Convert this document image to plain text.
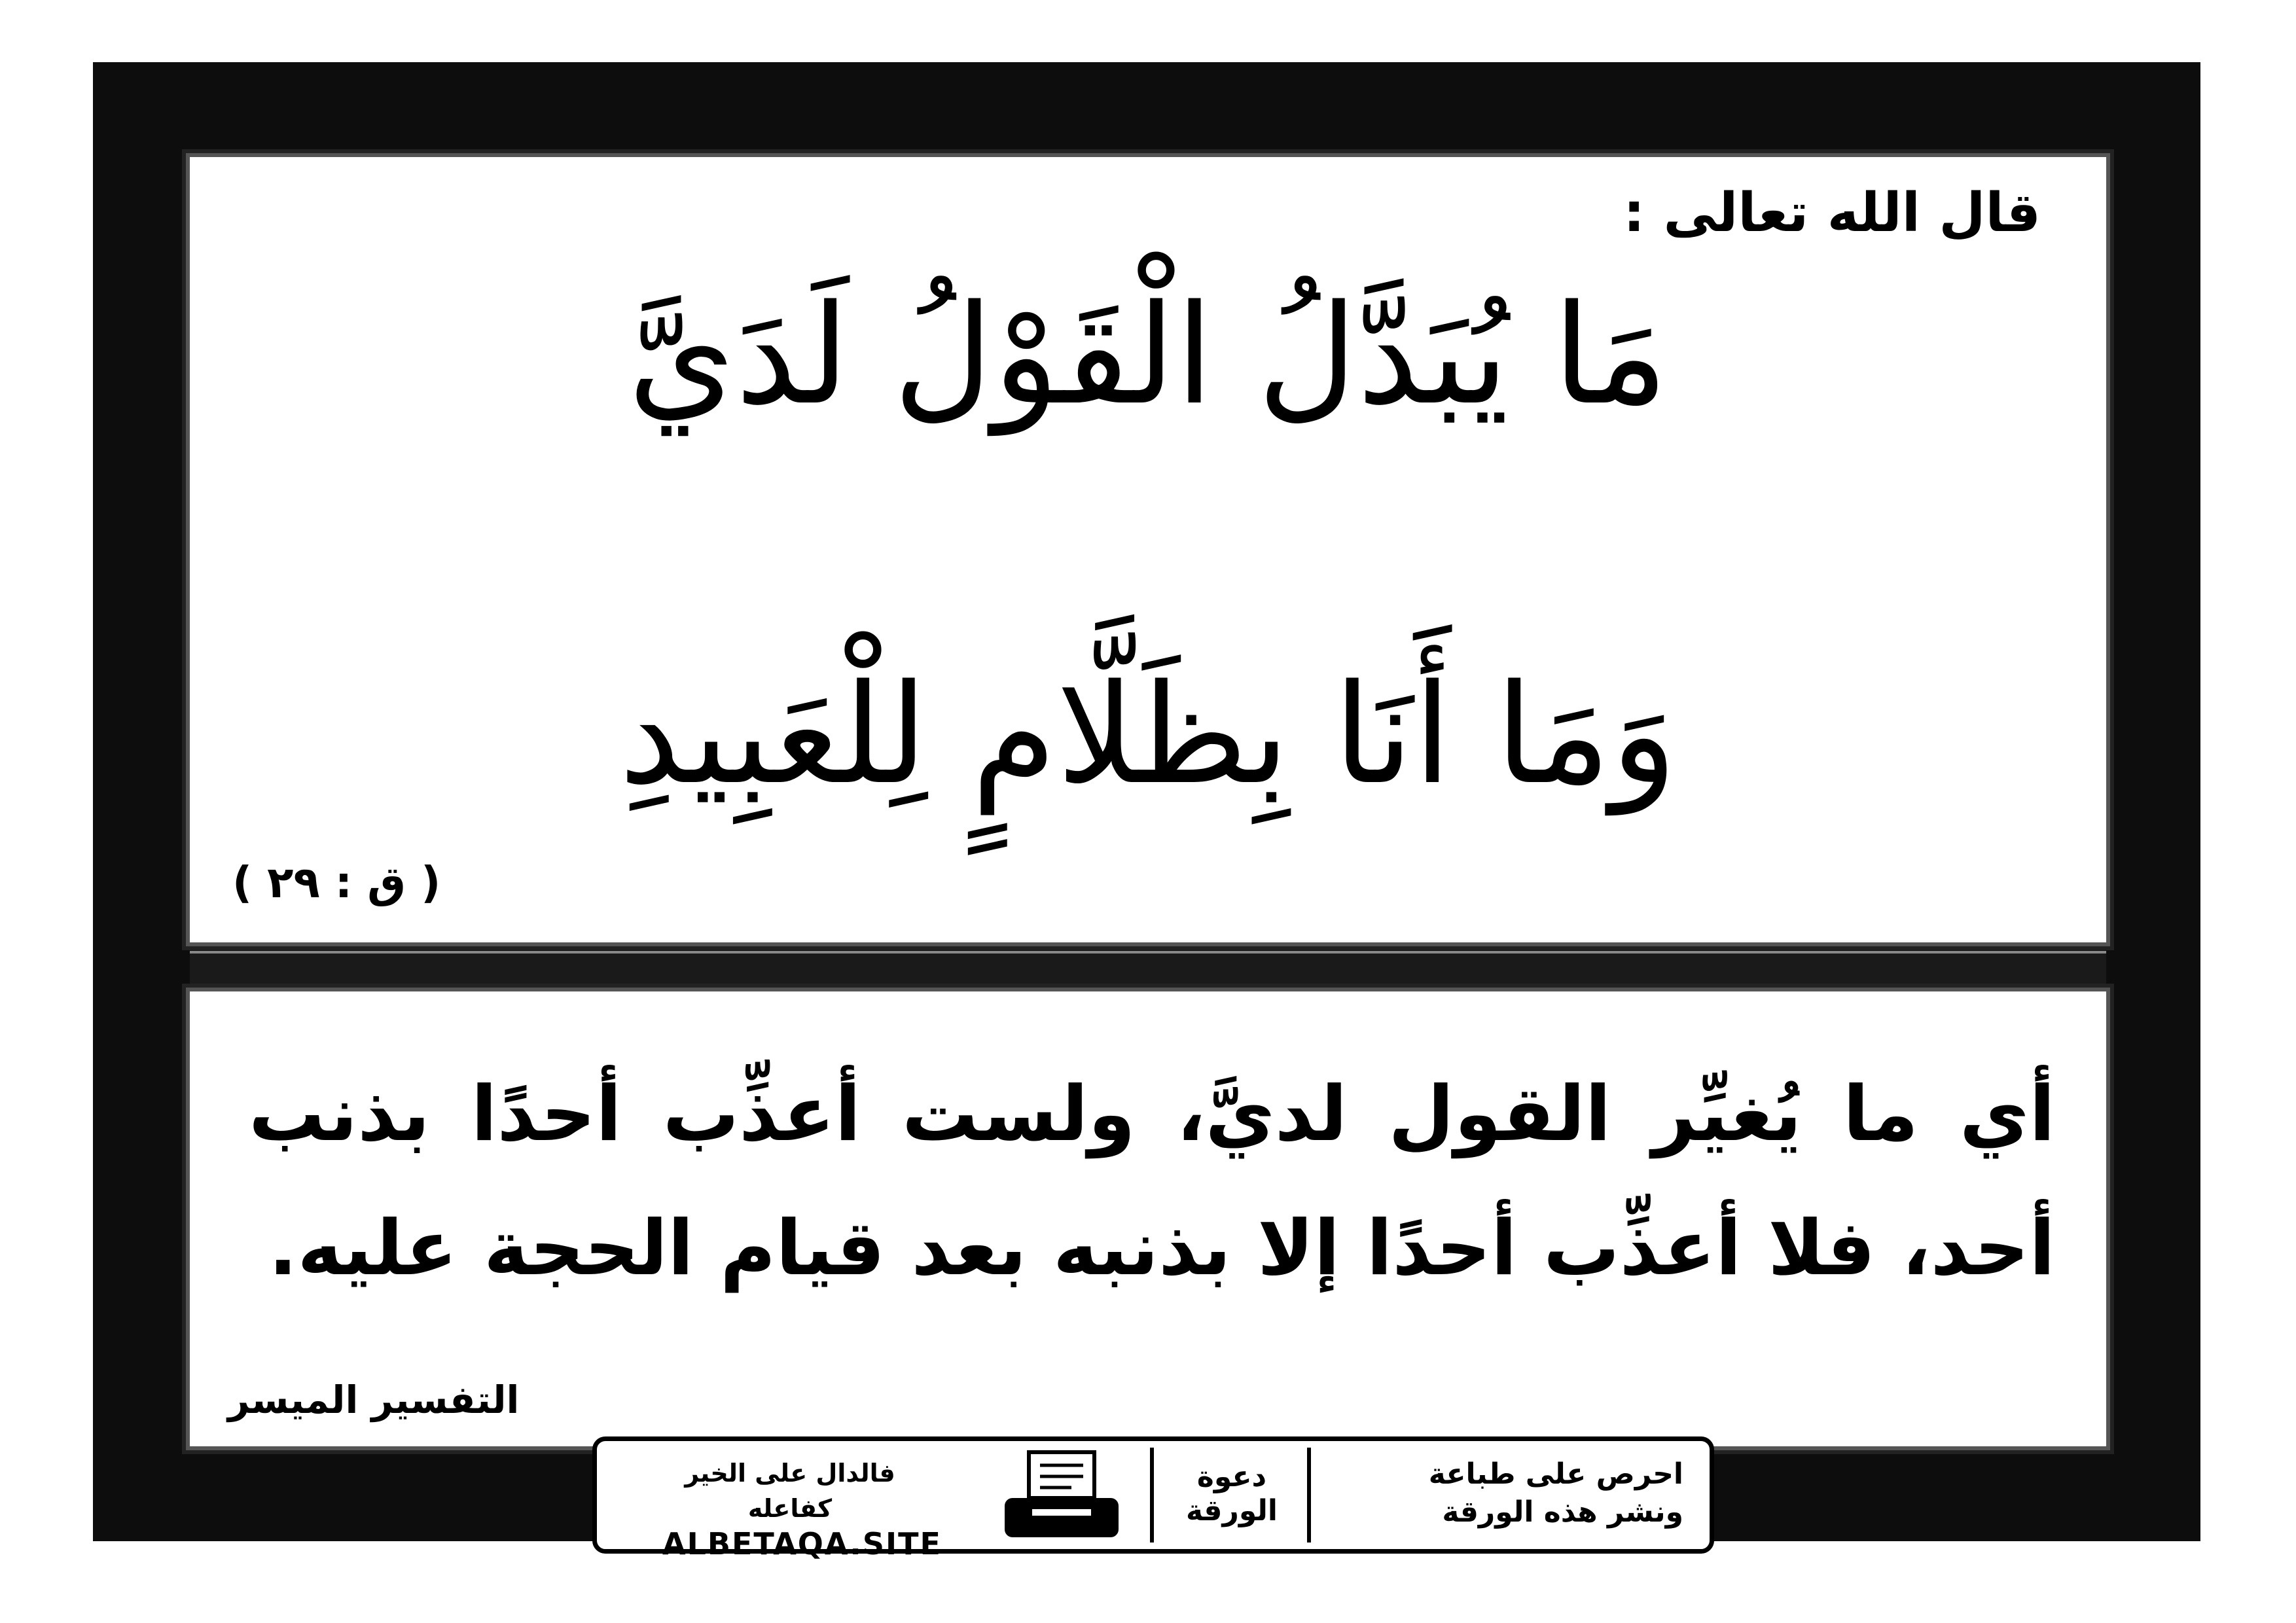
قال الله تعالى :
مَا يُبَدَّلُ الْقَوْلُ لَدَيَّ
وَمَا أَنَا بِظَلَّامٍ لِلْعَبِيدِ
( ق : ٢٩ )
أي ما يُغيِّر القول لديَّ، ولست أعذِّب أحدًا بذنب أحد، فلا أعذِّب أحدًا إلا بذنبه بعد قيام الحجة عليه.
التفسير الميسر
احرص على طباعة
ونشر هذه الورقة
دعوة
الورقة
فالدال على الخير كفاعله
ALBETAQA.SITE
